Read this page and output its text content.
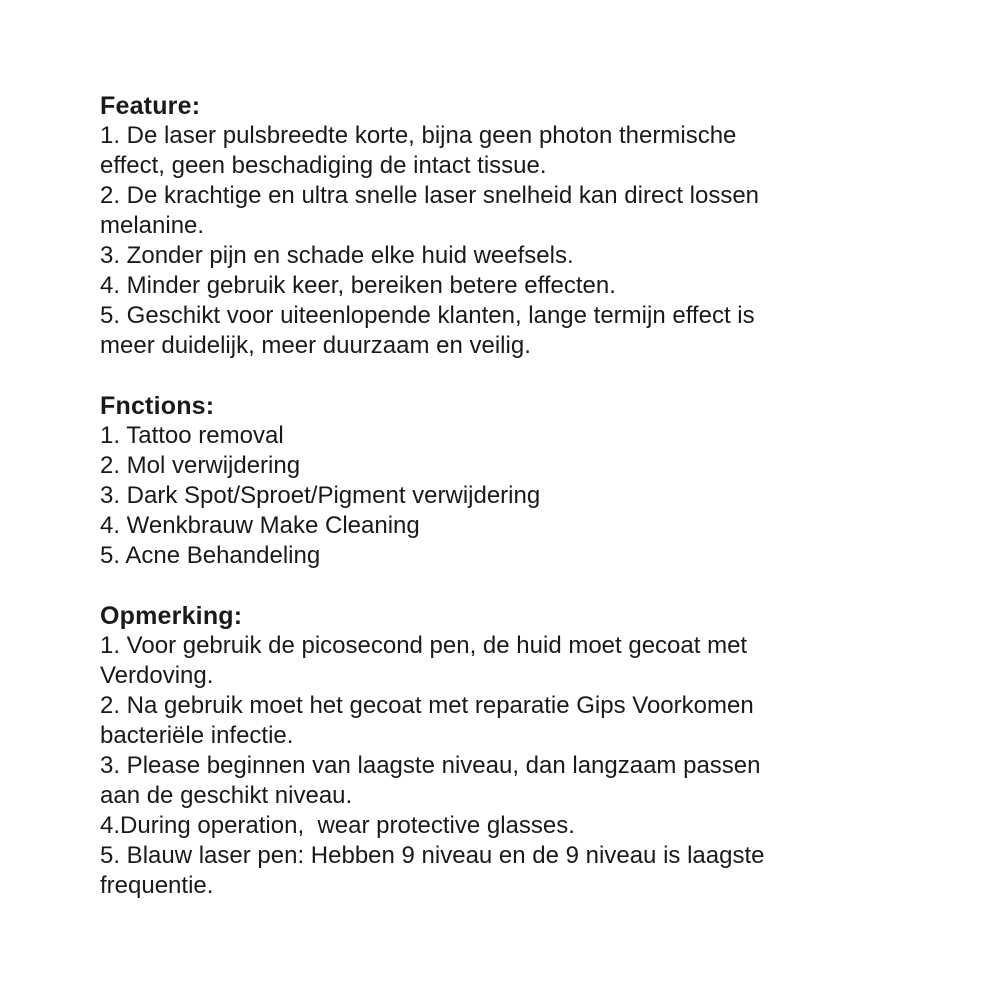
Feature:

1. De laser pulsbreedte korte, bijna geen photon thermische
effect, geen beschadiging de intact tissue.

2. De krachtige en ultra snelle laser snelheid kan direct lossen
melanine.

3. Zonder pijn en schade elke huid weefsels.

4. Minder gebruik keer, bereiken betere effecten.

5. Geschikt voor uiteenlopende klanten, lange termijn effect is
meer duidelijk, meer duurzaam en veilig.

Fnctions:

1. Tattoo removal

2. Mol verwijdering

3. Dark Spot/Sproet/Pigment verwijdering

4. Wenkbrauw Make Cleaning

5. Acne Behandeling

Opmerking:

1. Voor gebruik de picosecond pen, de huid moet gecoat met
Verdoving.

2. Na gebruik moet het gecoat met reparatie Gips Voorkomen
bacteriële infectie.

3. Please beginnen van laagste niveau, dan langzaam passen
aan de geschikt niveau.

4.During operation,  wear protective glasses.

5. Blauw laser pen: Hebben 9 niveau en de 9 niveau is laagste
frequentie.
